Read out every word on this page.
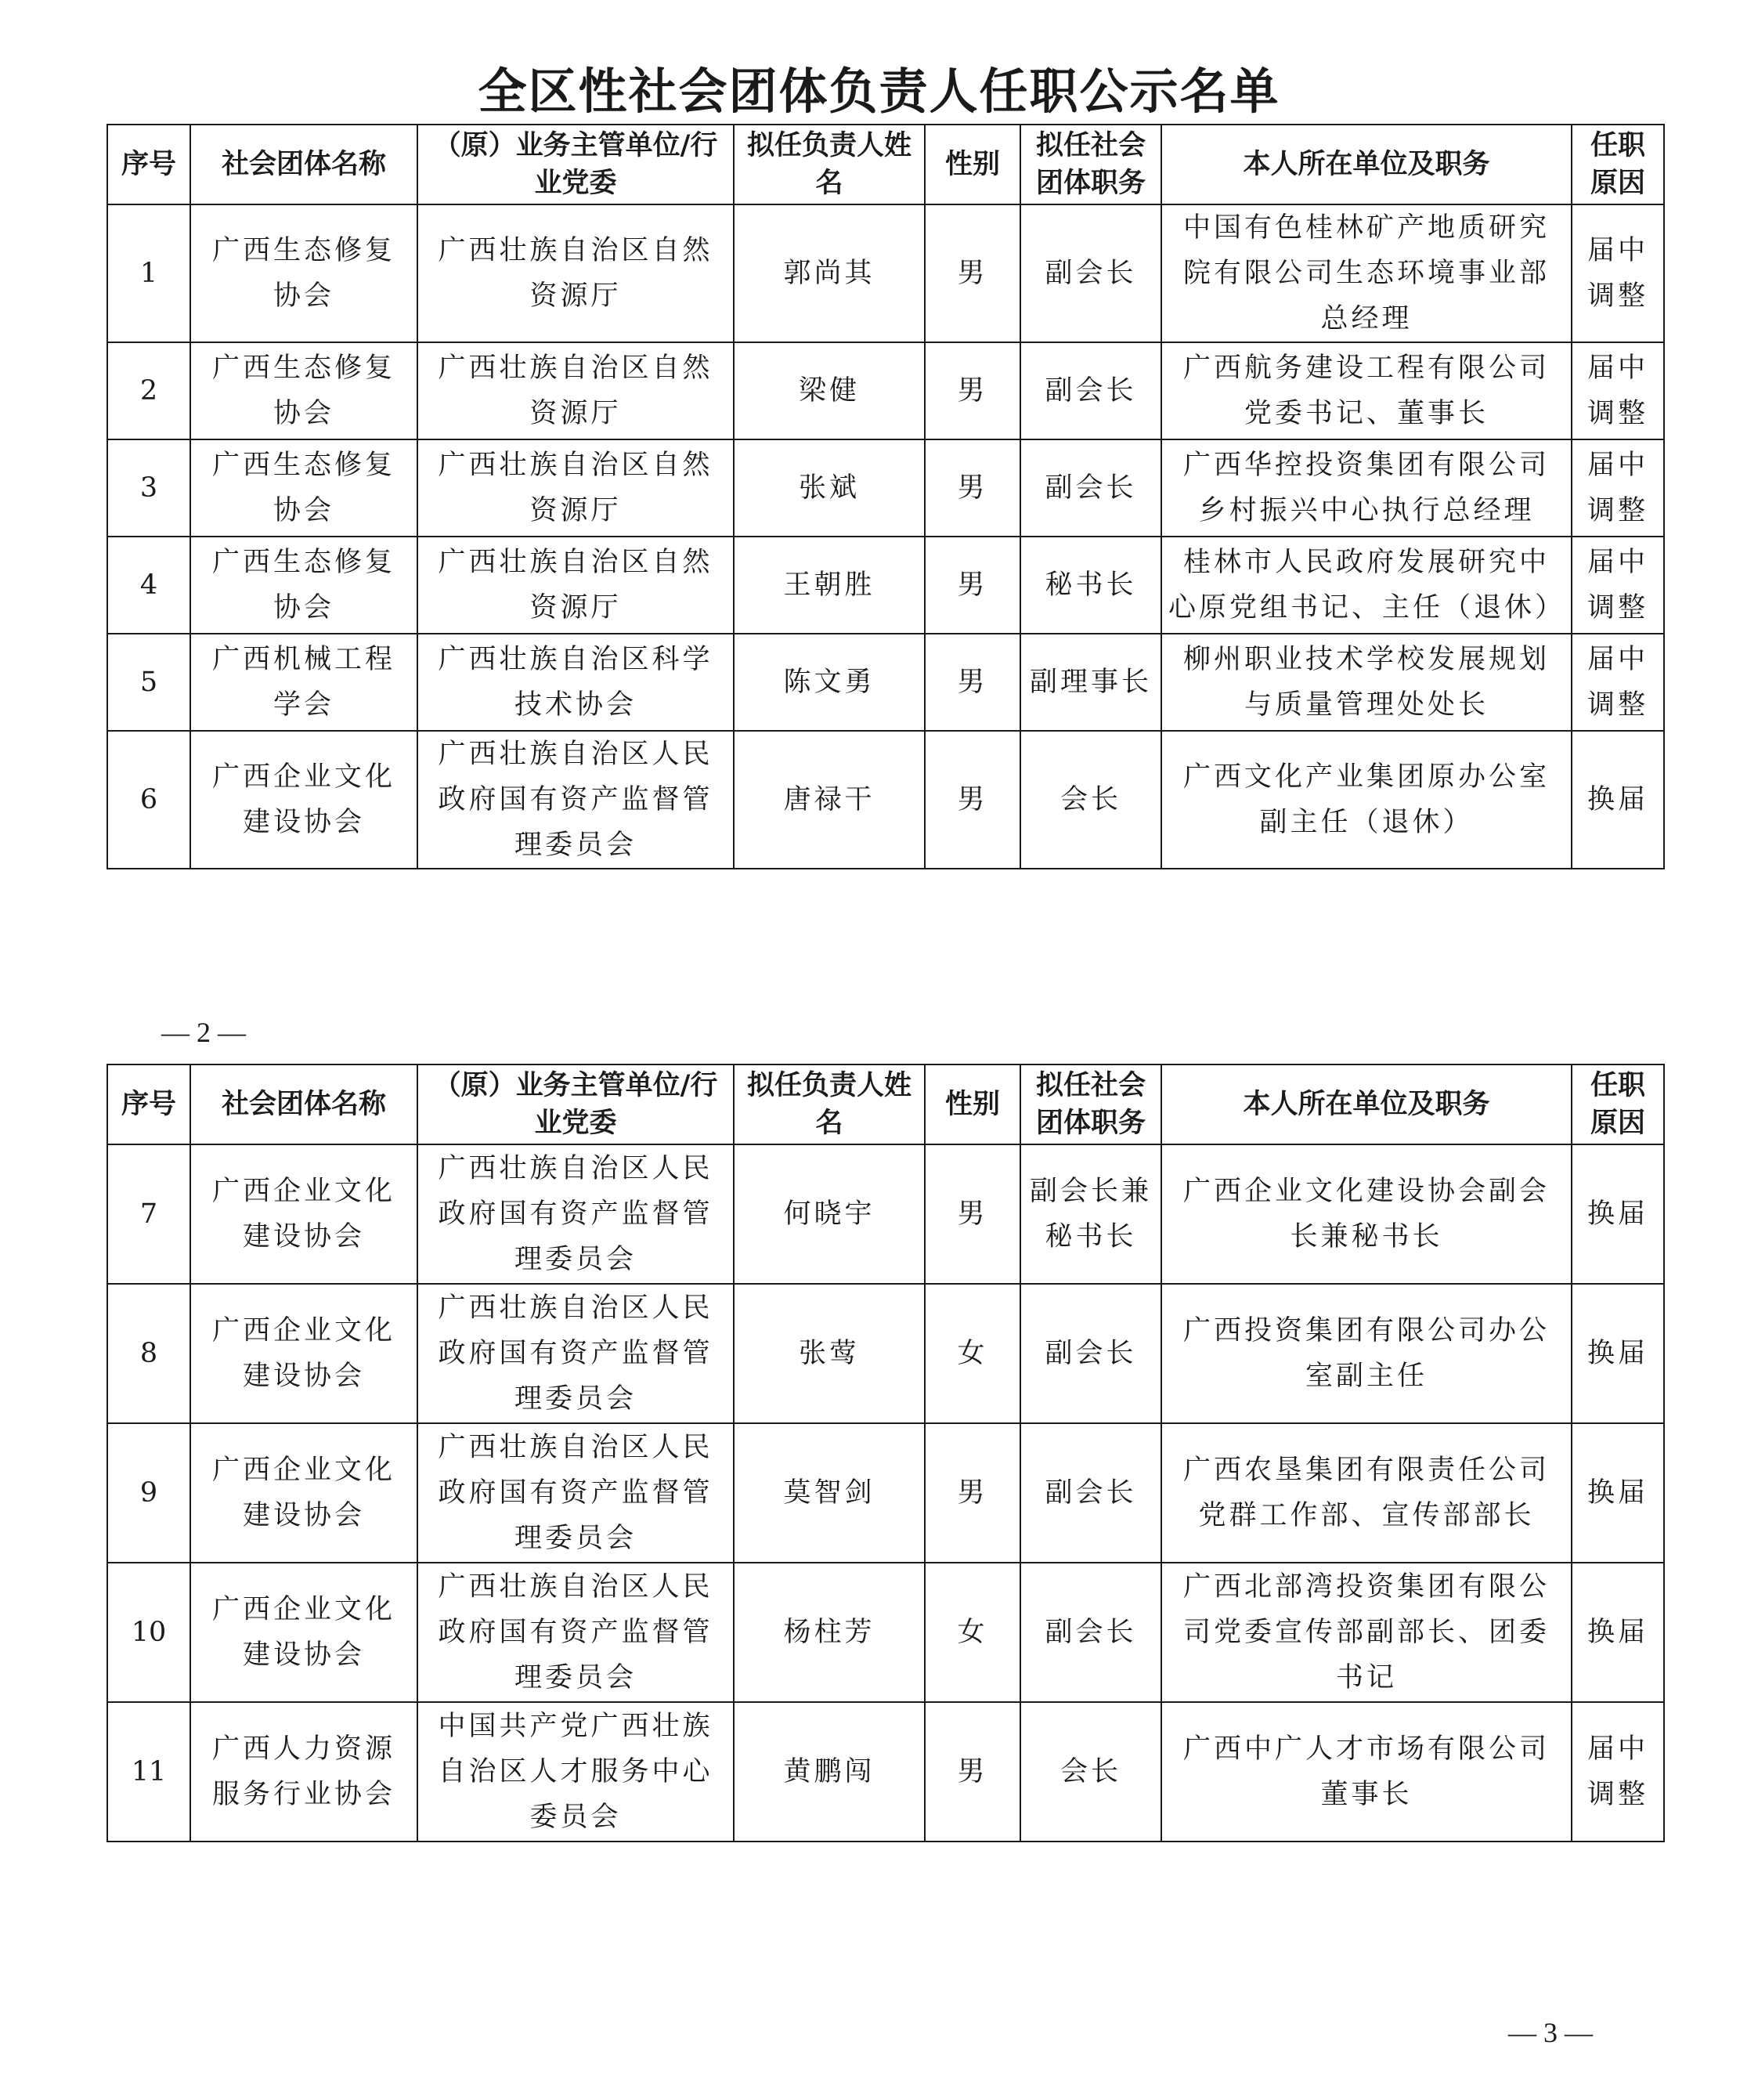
全区性社会团体负责人任职公示名单
序号	社会团体名称	（原）业务主管单位/行业党委	拟任负责人姓名	性别	拟任社会团体职务	本人所在单位及职务	任职原因
1	广西生态修复协会	广西壮族自治区自然资源厅	郭尚其	男	副会长	中国有色桂林矿产地质研究院有限公司生态环境事业部总经理	届中调整
2	广西生态修复协会	广西壮族自治区自然资源厅	梁健	男	副会长	广西航务建设工程有限公司党委书记、董事长	届中调整
3	广西生态修复协会	广西壮族自治区自然资源厅	张斌	男	副会长	广西华控投资集团有限公司乡村振兴中心执行总经理	届中调整
4	广西生态修复协会	广西壮族自治区自然资源厅	王朝胜	男	秘书长	桂林市人民政府发展研究中心原党组书记、主任（退休）	届中调整
5	广西机械工程学会	广西壮族自治区科学技术协会	陈文勇	男	副理事长	柳州职业技术学校发展规划与质量管理处处长	届中调整
6	广西企业文化建设协会	广西壮族自治区人民政府国有资产监督管理委员会	唐禄干	男	会长	广西文化产业集团原办公室副主任（退休）	换届
— 2 —
序号	社会团体名称	（原）业务主管单位/行业党委	拟任负责人姓名	性别	拟任社会团体职务	本人所在单位及职务	任职原因
7	广西企业文化建设协会	广西壮族自治区人民政府国有资产监督管理委员会	何晓宇	男	副会长兼秘书长	广西企业文化建设协会副会长兼秘书长	换届
8	广西企业文化建设协会	广西壮族自治区人民政府国有资产监督管理委员会	张莺	女	副会长	广西投资集团有限公司办公室副主任	换届
9	广西企业文化建设协会	广西壮族自治区人民政府国有资产监督管理委员会	莫智剑	男	副会长	广西农垦集团有限责任公司党群工作部、宣传部部长	换届
10	广西企业文化建设协会	广西壮族自治区人民政府国有资产监督管理委员会	杨柱芳	女	副会长	广西北部湾投资集团有限公司党委宣传部副部长、团委书记	换届
11	广西人力资源服务行业协会	中国共产党广西壮族自治区人才服务中心委员会	黄鹏闯	男	会长	广西中广人才市场有限公司董事长	届中调整
— 3 —
